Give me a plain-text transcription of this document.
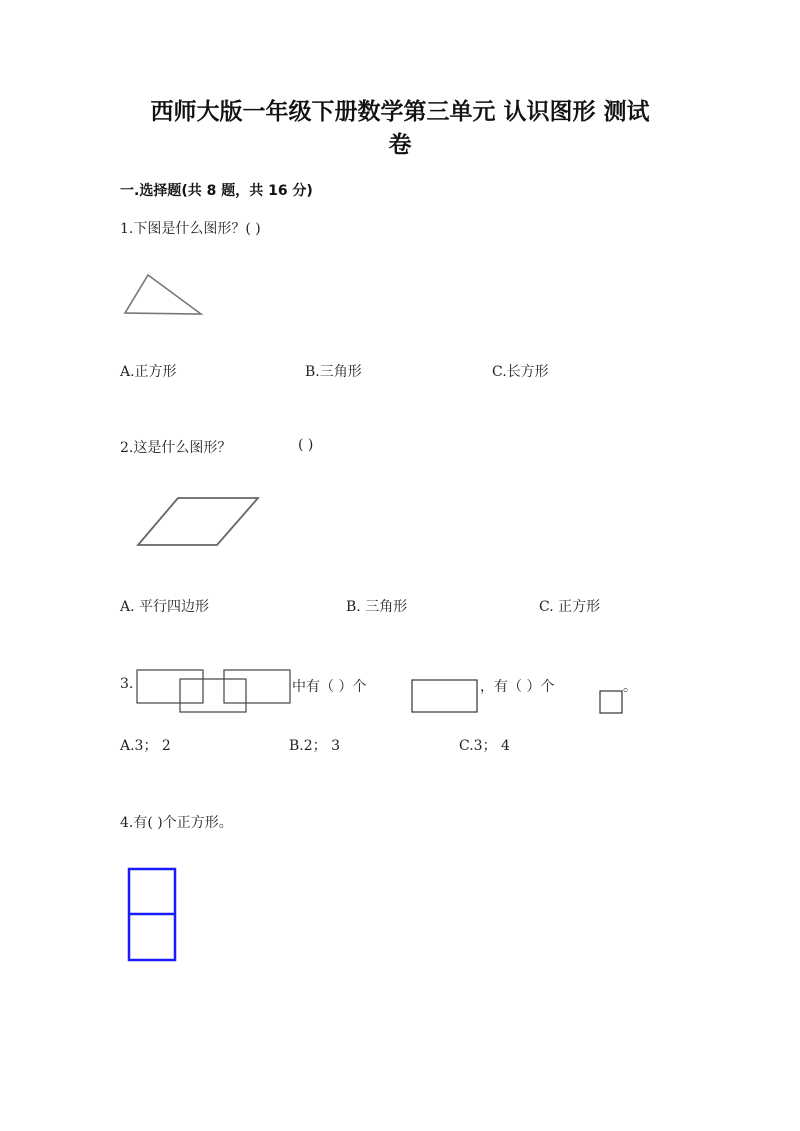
西师大版一年级下册数学第三单元 认识图形 测试
卷
一.选择题(共 8 题，共 16 分)
1.下图是什么图形？( )
A.正方形	B.三角形	C.长方形
2.这是什么图形？	( )
A. 平行四边形	B. 三角形	C. 正方形
3.	中有（ ）个	，有（ ）个	。
A.3； 2	B.2； 3	C.3； 4
4.有( )个正方形。
